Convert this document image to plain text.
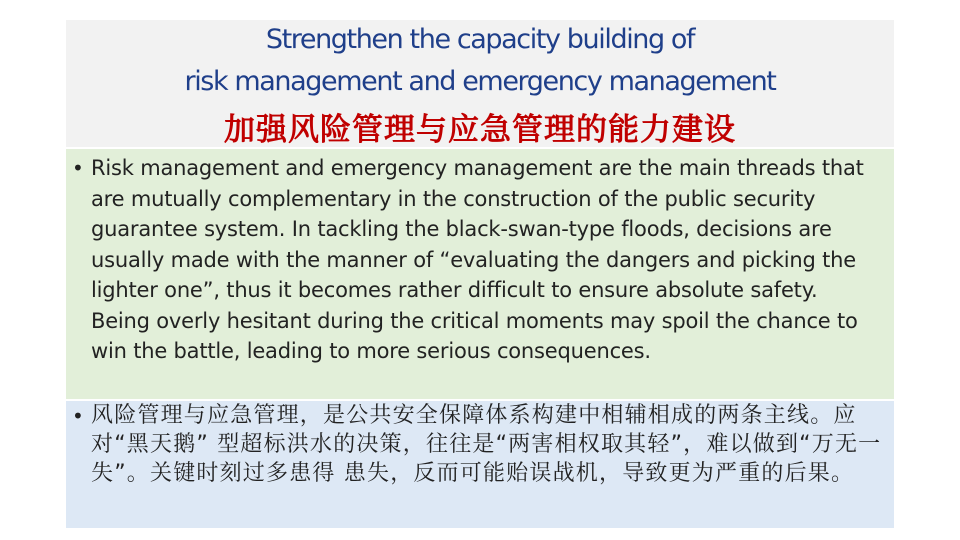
Strengthen the capacity building of
risk management and emergency management
加强风险管理与应急管理的能力建设
• Risk management and emergency management are the main threads that are mutually complementary in the construction of the public security guarantee system. In tackling the black-swan-type floods, decisions are usually made with the manner of “evaluating the dangers and picking the lighter one”, thus it becomes rather difficult to ensure absolute safety. Being overly hesitant during the critical moments may spoil the chance to win the battle, leading to more serious consequences.

• 风险管理与应急管理，是公共安全保障体系构建中相辅相成的两条主线。应对“黑天鹅” 型超标洪水的决策，往往是“两害相权取其轻”，难以做到“万无一失”。关键时刻过多患得 患失，反而可能贻误战机，导致更为严重的后果。
